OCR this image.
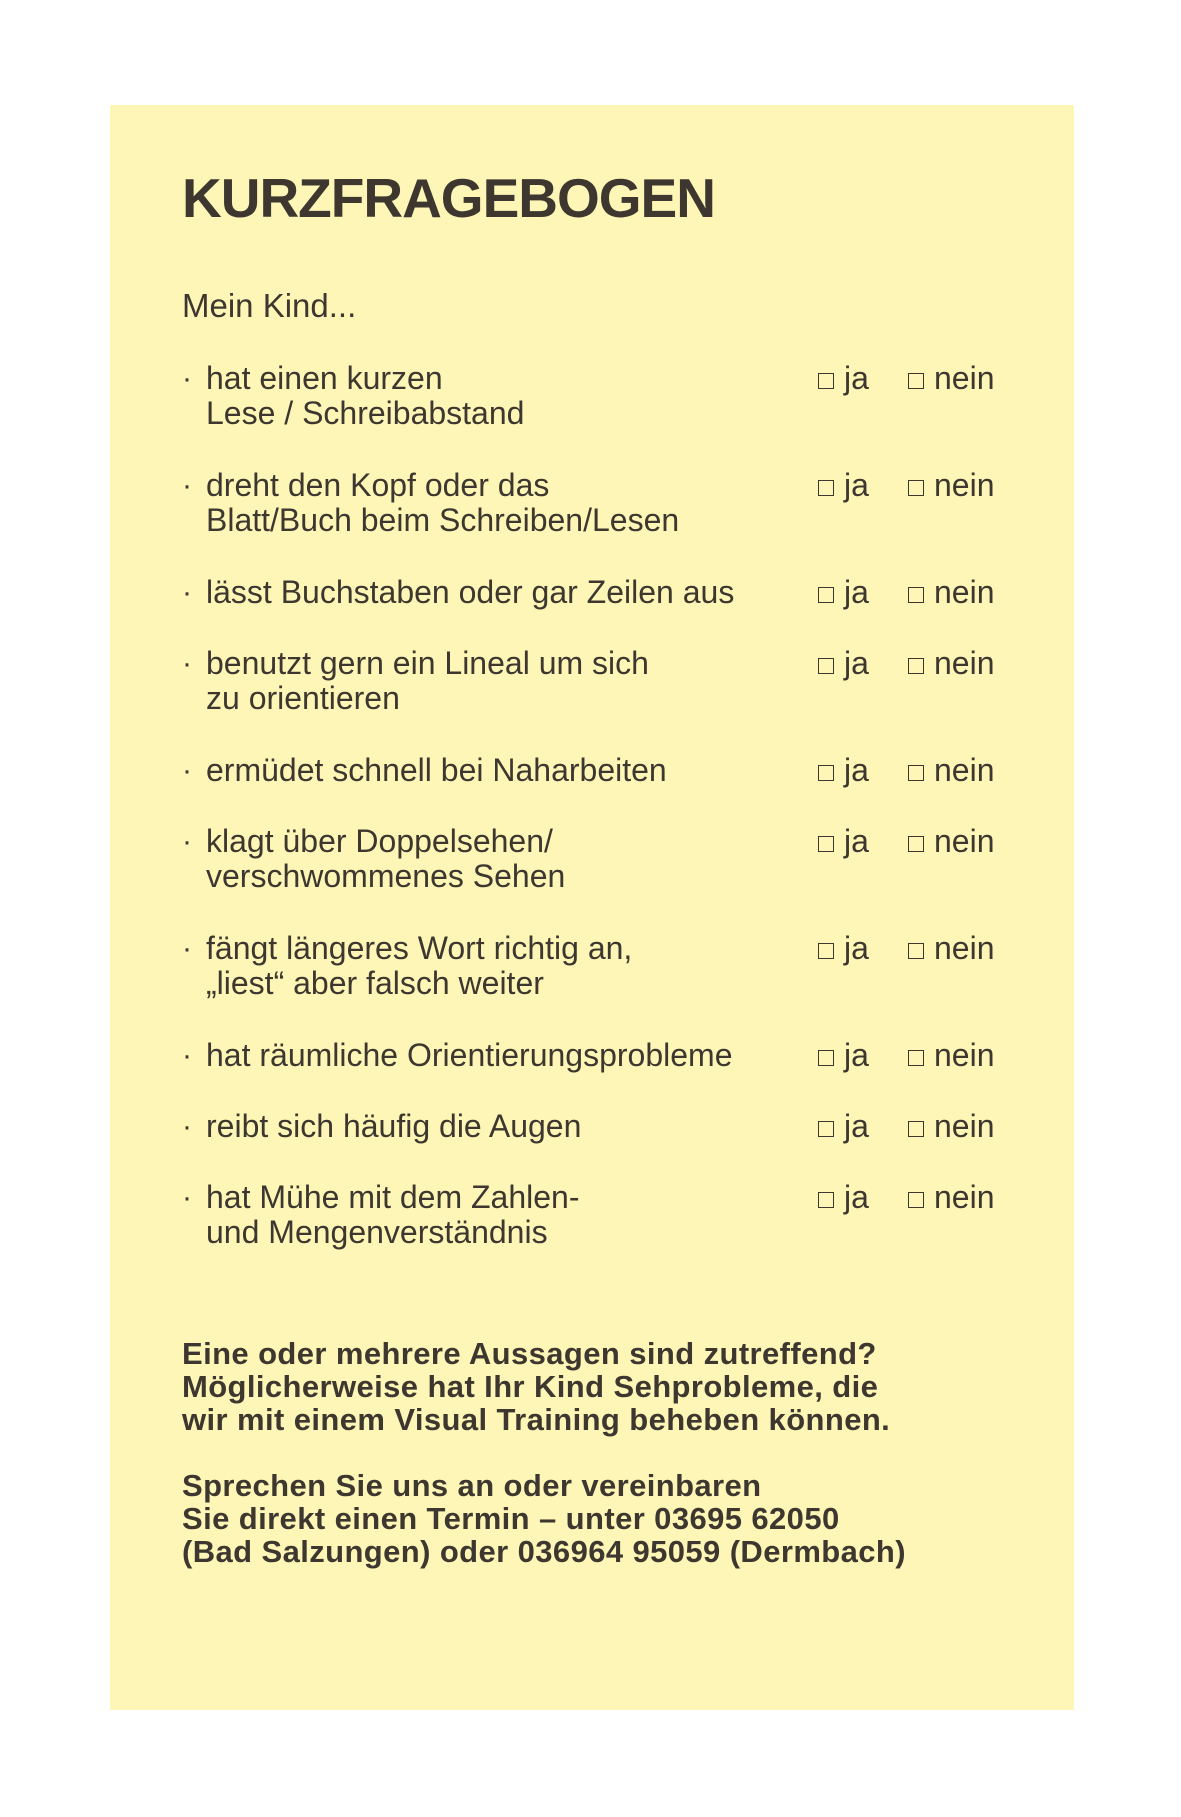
KURZFRAGEBOGEN
Mein Kind...
· hat einen kurzen
Lese / Schreibabstand
ja nein
· dreht den Kopf oder das
Blatt/Buch beim Schreiben/Lesen
ja nein
· lässt Buchstaben oder gar Zeilen aus	ja nein
· benutzt gern ein Lineal um sich
zu orientieren
ja nein
· ermüdet schnell bei Naharbeiten	ja nein
· klagt über Doppelsehen/
verschwommenes Sehen
ja nein
· fängt längeres Wort richtig an,
„liest“ aber falsch weiter
ja nein
· hat räumliche Orientierungsprobleme	ja nein
· reibt sich häufig die Augen	ja nein
· hat Mühe mit dem Zahlen-
und Mengenverständnis
ja nein

Eine oder mehrere Aussagen sind zutreffend?
Möglicherweise hat Ihr Kind Sehprobleme, die
wir mit einem Visual Training beheben können.

Sprechen Sie uns an oder vereinbaren
Sie direkt einen Termin – unter 03695 62050
(Bad Salzungen) oder 036964 95059 (Dermbach)
